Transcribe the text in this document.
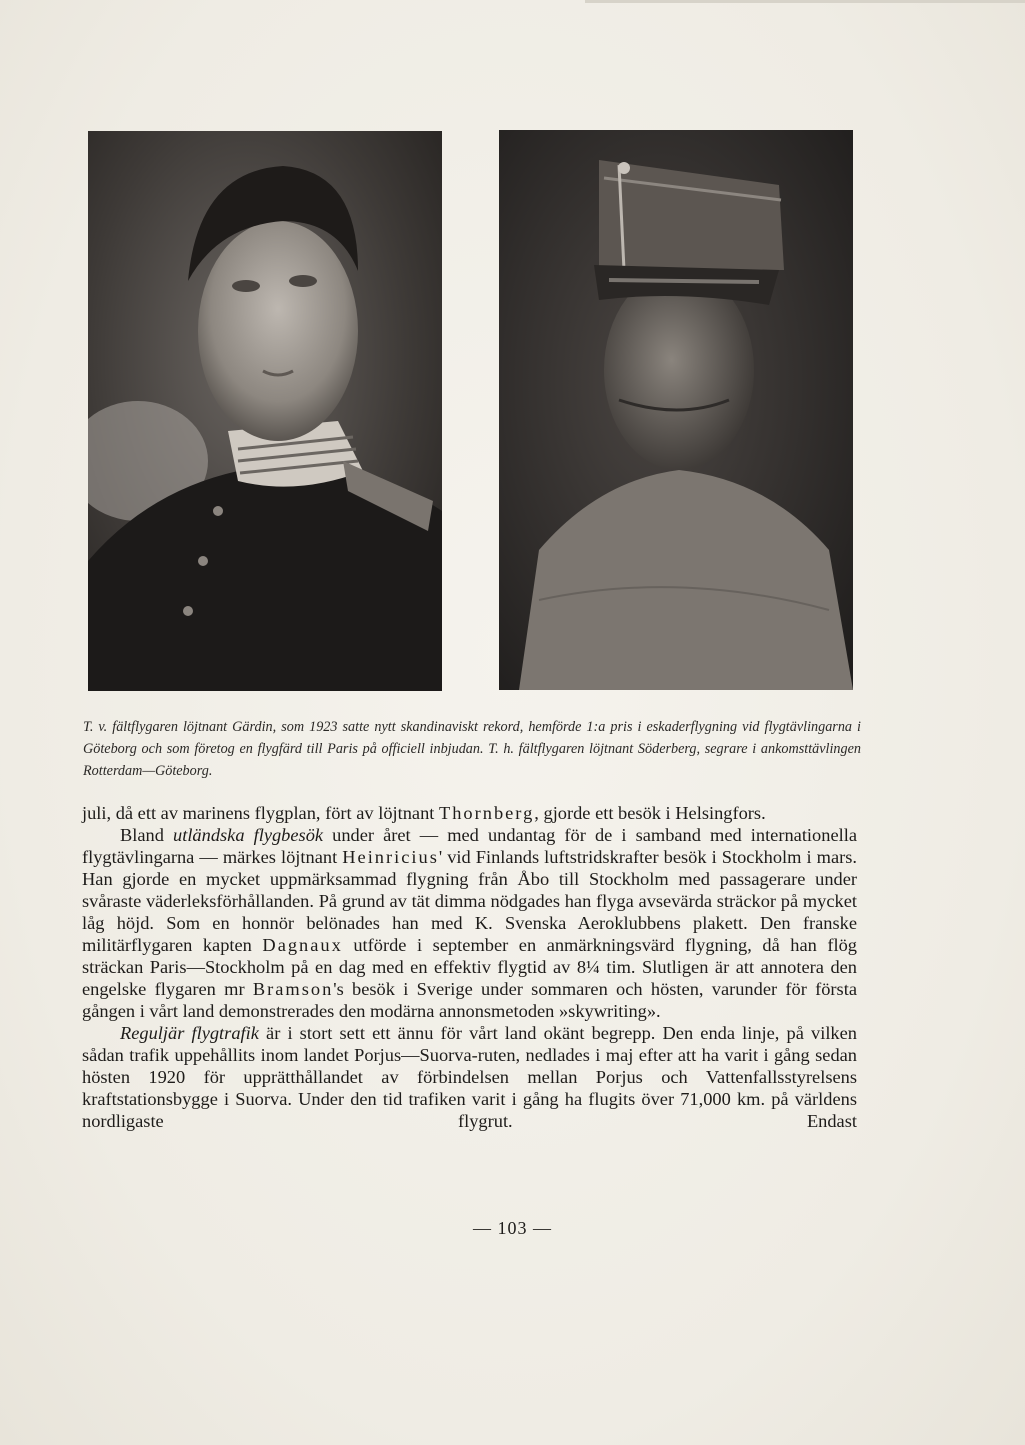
T. v. fältflygaren löjtnant Gärdin, som 1923 satte nytt skandinaviskt rekord, hemförde 1:a pris i eskaderflygning vid flygtävlingarna i Göteborg och som företog en flygfärd till Paris på officiell inbjudan. T. h. fältflygaren löjtnant Söderberg, segrare i ankomsttävlingen Rotterdam—Göteborg.

juli, då ett av marinens flygplan, fört av löjtnant Thornberg, gjorde ett besök i Helsingfors.

Bland utländska flygbesök under året — med undantag för de i samband med internationella flygtävlingarna — märkes löjtnant Heinricius' vid Finlands luftstridskrafter besök i Stockholm i mars. Han gjorde en mycket uppmärksammad flygning från Åbo till Stockholm med passagerare under svåraste väderleksförhållanden. På grund av tät dimma nödgades han flyga avsevärda sträckor på mycket låg höjd. Som en honnör belönades han med K. Svenska Aeroklubbens plakett. Den franske militärflygaren kapten Dagnaux utförde i september en anmärkningsvärd flygning, då han flög sträckan Paris—Stockholm på en dag med en effektiv flygtid av 8¼ tim. Slutligen är att annotera den engelske flygaren mr Bramson's besök i Sverige under sommaren och hösten, varunder för första gången i vårt land demonstrerades den modärna annonsmetoden »skywriting».

Reguljär flygtrafik är i stort sett ett ännu för vårt land okänt begrepp. Den enda linje, på vilken sådan trafik uppehållits inom landet Porjus—Suorva-ruten, nedlades i maj efter att ha varit i gång sedan hösten 1920 för upprätthållandet av förbindelsen mellan Porjus och Vattenfallsstyrelsens kraftstationsbygge i Suorva. Under den tid trafiken varit i gång ha flugits över 71,000 km. på världens nordligaste flygrut. Endast

— 103 —
